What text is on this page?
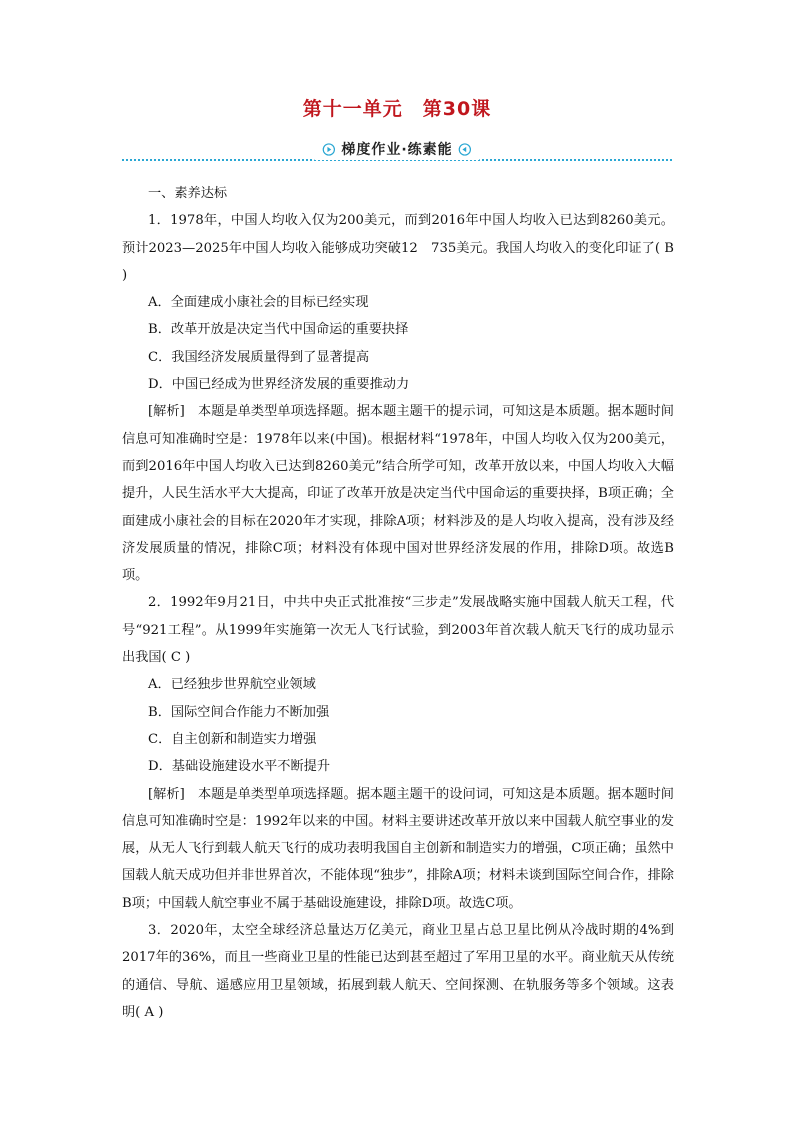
第十一单元　第30课
梯度作业·练素能

一、素养达标

1．1978年，中国人均收入仅为200美元，而到2016年中国人均收入已达到8260美元。预计2023—2025年中国人均收入能够成功突破12　735美元。我国人均收入的变化印证了( B )

A．全面建成小康社会的目标已经实现

B．改革开放是决定当代中国命运的重要抉择

C．我国经济发展质量得到了显著提高

D．中国已经成为世界经济发展的重要推动力

[解析]　本题是单类型单项选择题。据本题主题干的提示词，可知这是本质题。据本题时间信息可知准确时空是：1978年以来(中国)。根据材料“1978年，中国人均收入仅为200美元，而到2016年中国人均收入已达到8260美元”结合所学可知，改革开放以来，中国人均收入大幅提升，人民生活水平大大提高，印证了改革开放是决定当代中国命运的重要抉择，B项正确；全面建成小康社会的目标在2020年才实现，排除A项；材料涉及的是人均收入提高，没有涉及经济发展质量的情况，排除C项；材料没有体现中国对世界经济发展的作用，排除D项。故选B项。

2．1992年9月21日，中共中央正式批准按“三步走”发展战略实施中国载人航天工程，代号“921工程”。从1999年实施第一次无人飞行试验，到2003年首次载人航天飞行的成功显示出我国( C )

A．已经独步世界航空业领域

B．国际空间合作能力不断加强

C．自主创新和制造实力增强

D．基础设施建设水平不断提升

[解析]　本题是单类型单项选择题。据本题主题干的设问词，可知这是本质题。据本题时间信息可知准确时空是：1992年以来的中国。材料主要讲述改革开放以来中国载人航空事业的发展，从无人飞行到载人航天飞行的成功表明我国自主创新和制造实力的增强，C项正确；虽然中国载人航天成功但并非世界首次，不能体现“独步”，排除A项；材料未谈到国际空间合作，排除B项；中国载人航空事业不属于基础设施建设，排除D项。故选C项。

3．2020年，太空全球经济总量达万亿美元，商业卫星占总卫星比例从冷战时期的4%到2017年的36%，而且一些商业卫星的性能已达到甚至超过了军用卫星的水平。商业航天从传统的通信、导航、遥感应用卫星领域，拓展到载人航天、空间探测、在轨服务等多个领域。这表明( A )
